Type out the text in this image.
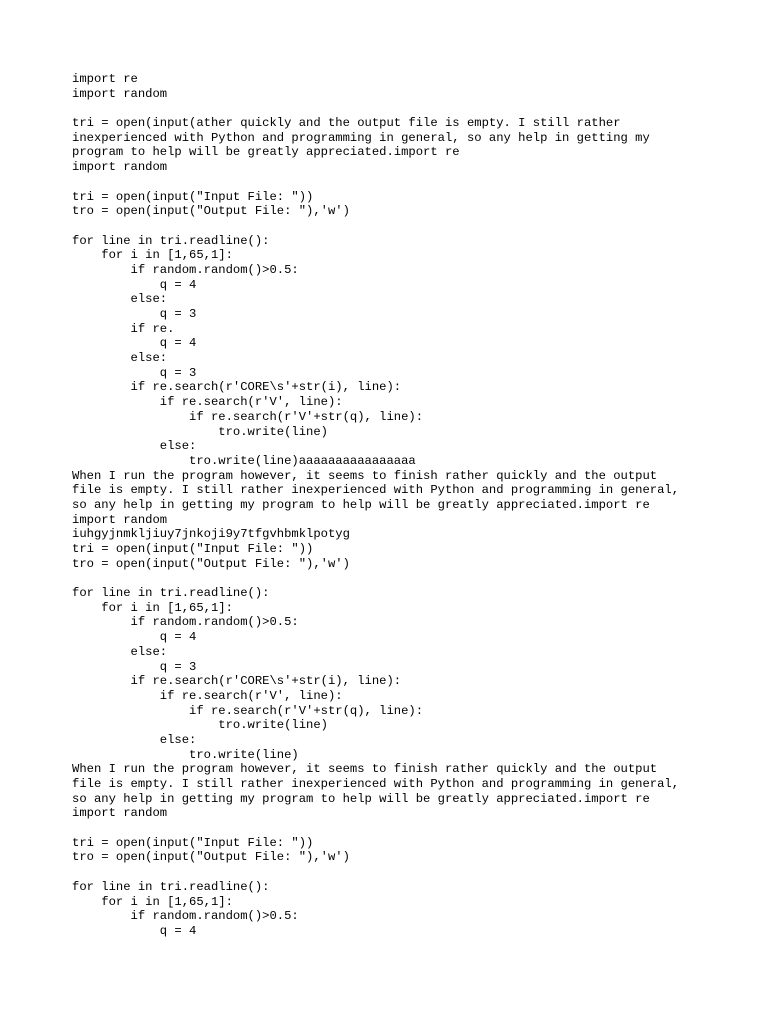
import re
import random
tri = open(input(ather quickly and the output file is empty. I still rather
inexperienced with Python and programming in general, so any help in getting my
program to help will be greatly appreciated.import re
import random
tri = open(input("Input File: "))
tro = open(input("Output File: "),'w')
for line in tri.readline():
for i in [1,65,1]:
if random.random()>0.5:
q = 4
else:
q = 3
if re.
q = 4
else:
q = 3
if re.search(r'CORE\s'+str(i), line):
if re.search(r'V', line):
if re.search(r'V'+str(q), line):
tro.write(line)
else:
tro.write(line)aaaaaaaaaaaaaaaa
When I run the program however, it seems to finish rather quickly and the output
file is empty. I still rather inexperienced with Python and programming in general,
so any help in getting my program to help will be greatly appreciated.import re
import random
iuhgyjnmkljiuy7jnkoji9y7tfgvhbmklpotyg
tri = open(input("Input File: "))
tro = open(input("Output File: "),'w')
for line in tri.readline():
for i in [1,65,1]:
if random.random()>0.5:
q = 4
else:
q = 3
if re.search(r'CORE\s'+str(i), line):
if re.search(r'V', line):
if re.search(r'V'+str(q), line):
tro.write(line)
else:
tro.write(line)
When I run the program however, it seems to finish rather quickly and the output
file is empty. I still rather inexperienced with Python and programming in general,
so any help in getting my program to help will be greatly appreciated.import re
import random
tri = open(input("Input File: "))
tro = open(input("Output File: "),'w')
for line in tri.readline():
for i in [1,65,1]:
if random.random()>0.5:
q = 4
